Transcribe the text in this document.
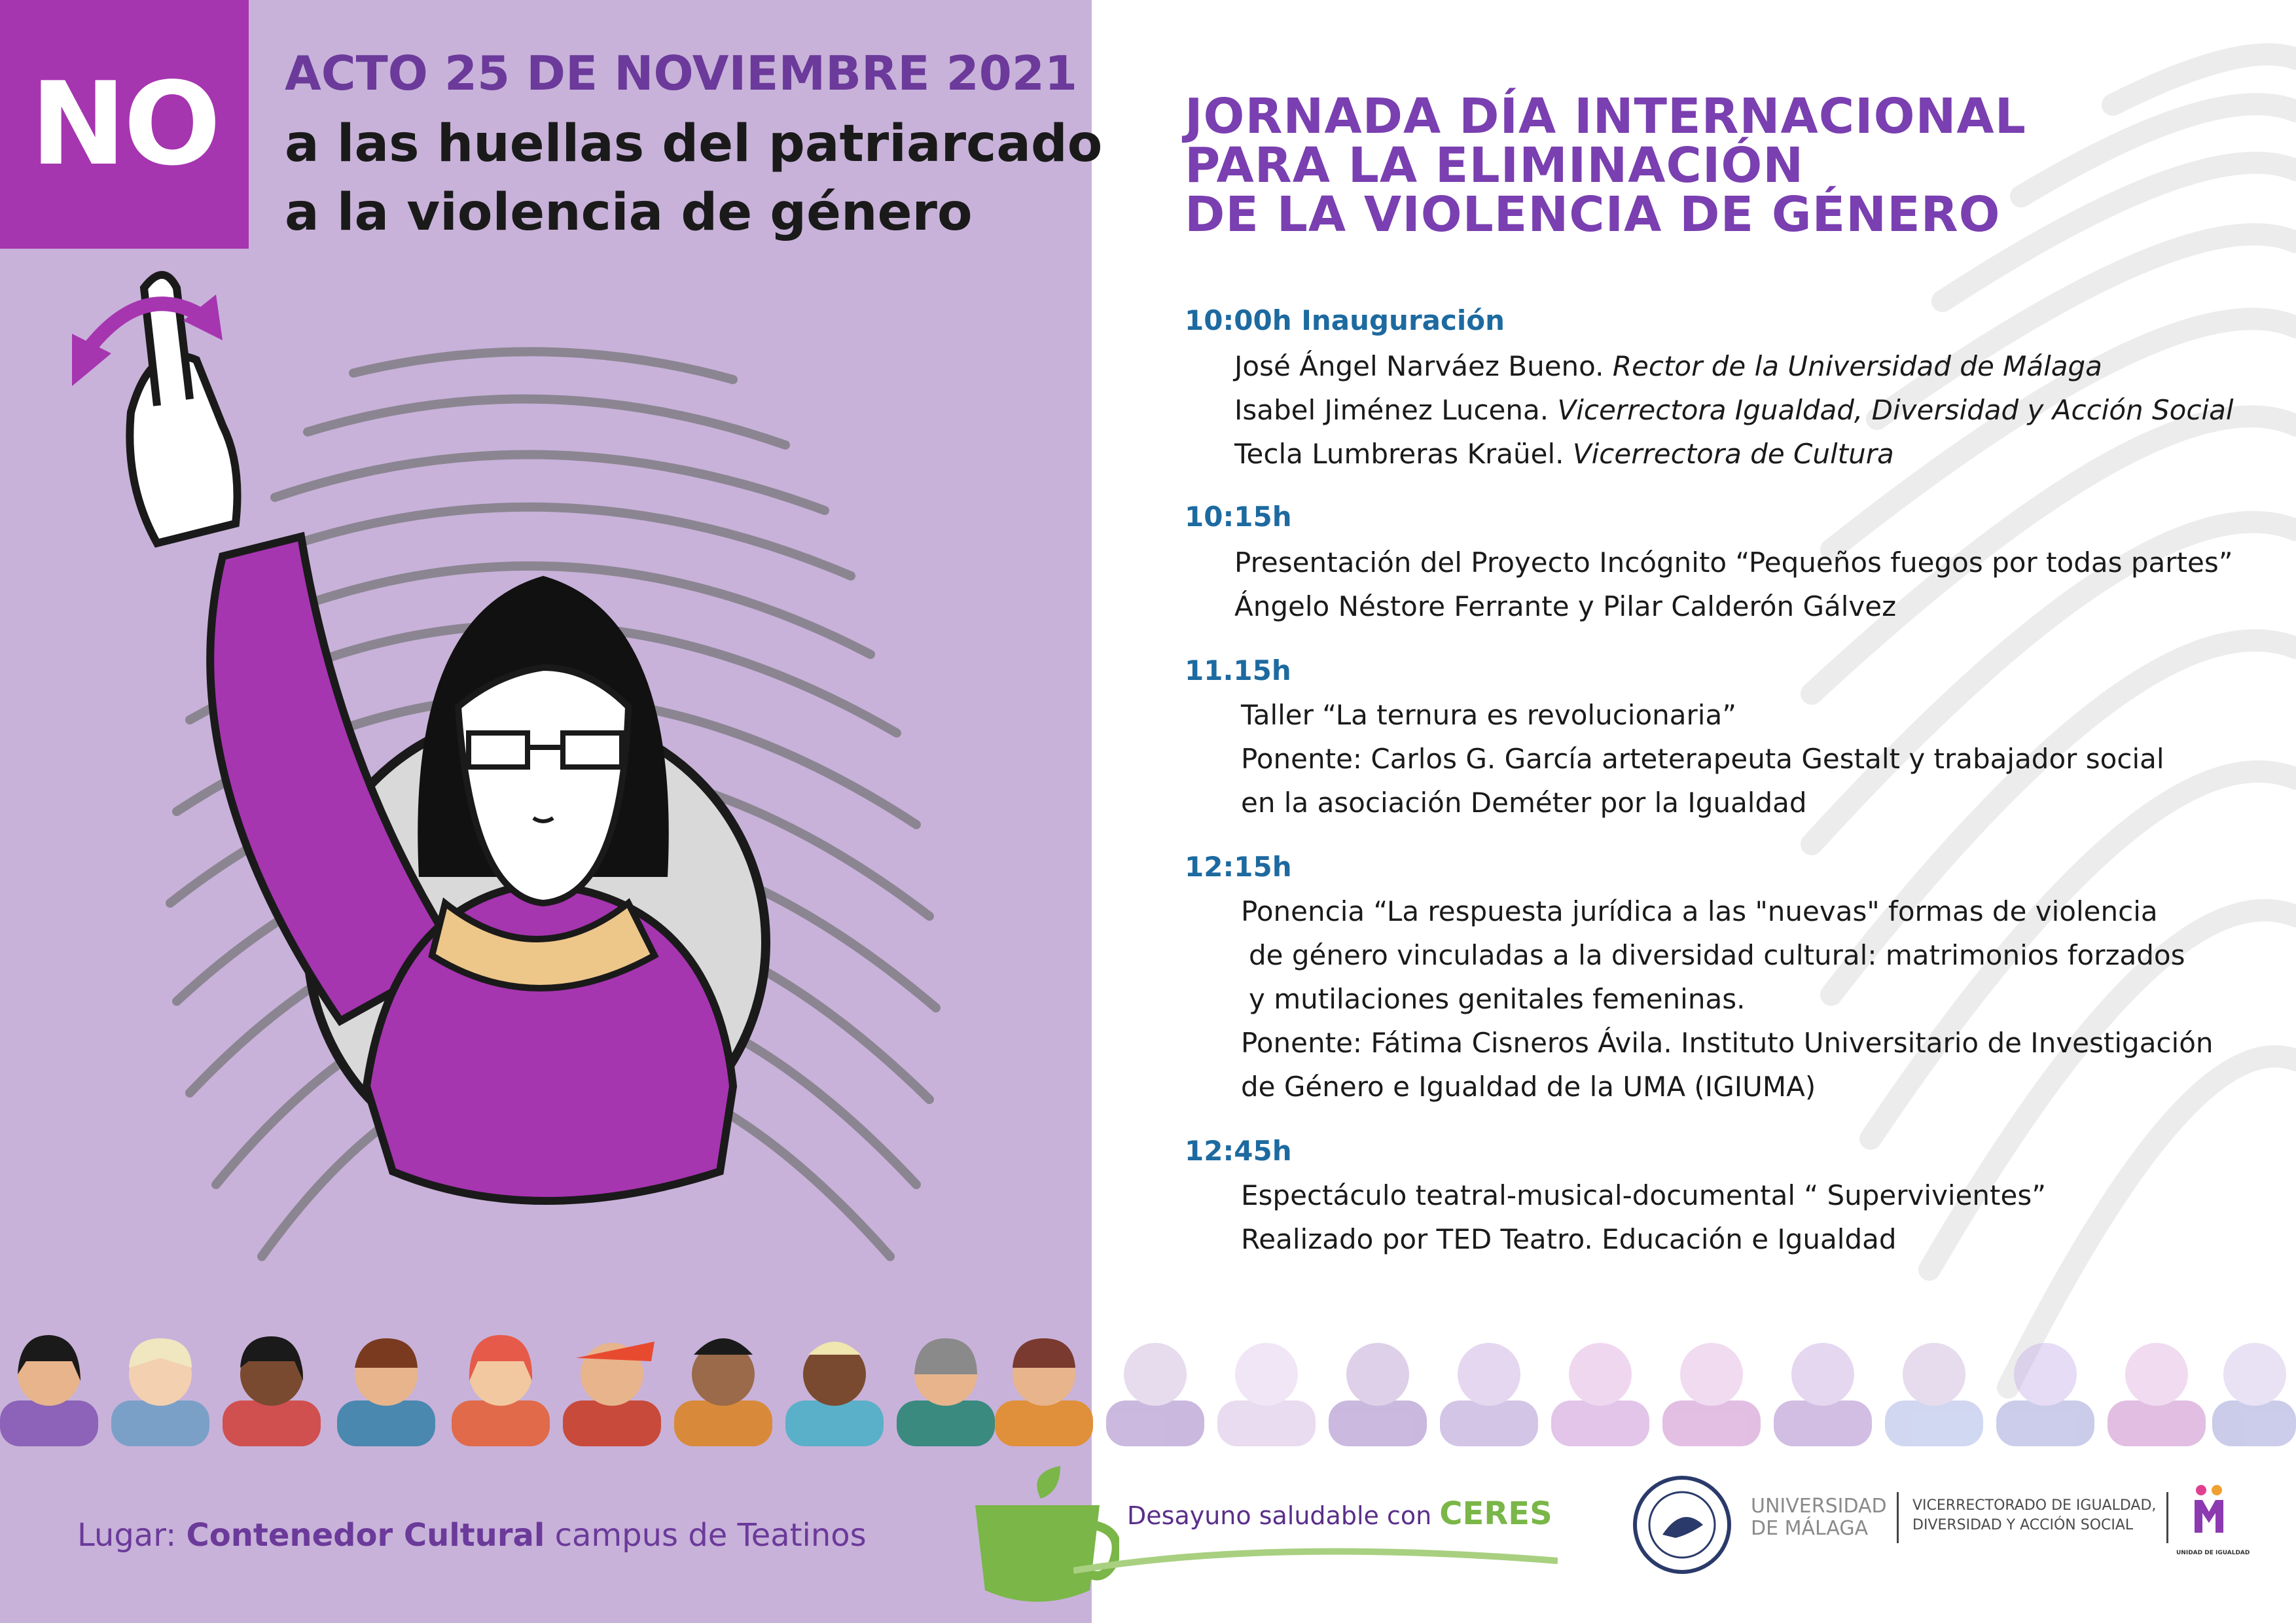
NO	ACTO 25 DE NOVIEMBRE 2021
a las huellas del patriarcado
a la violencia de género
JORNADA DÍA INTERNACIONAL
PARA LA ELIMINACIÓN
DE LA VIOLENCIA DE GÉNERO
10:00h Inauguración
José Ángel Narváez Bueno. Rector de la Universidad de Málaga
Isabel Jiménez Lucena. Vicerrectora Igualdad, Diversidad y Acción Social
Tecla Lumbreras Kraüel. Vicerrectora de Cultura
10:15h
Presentación del Proyecto Incógnito “Pequeños fuegos por todas partes”
Ángelo Néstore Ferrante y Pilar Calderón Gálvez
11.15h
Taller “La ternura es revolucionaria”
Ponente: Carlos G. García arteterapeuta Gestalt y trabajador social
en la asociación Deméter por la Igualdad
12:15h
Ponencia “La respuesta jurídica a las "nuevas" formas de violencia
de género vinculadas a la diversidad cultural: matrimonios forzados
y mutilaciones genitales femeninas.
Ponente: Fátima Cisneros Ávila. Instituto Universitario de Investigación
de Género e Igualdad de la UMA (IGIUMA)
12:45h
Espectáculo teatral-musical-documental “ Supervivientes”
Realizado por TED Teatro. Educación e Igualdad
Lugar: Contenedor Cultural campus de Teatinos
Desayuno saludable con CERES	UNIVERSIDAD
DE MÁLAGA
VICERRECTORADO DE IGUALDAD,
DIVERSIDAD Y ACCIÓN SOCIAL
UNIDAD DE IGUALDAD
